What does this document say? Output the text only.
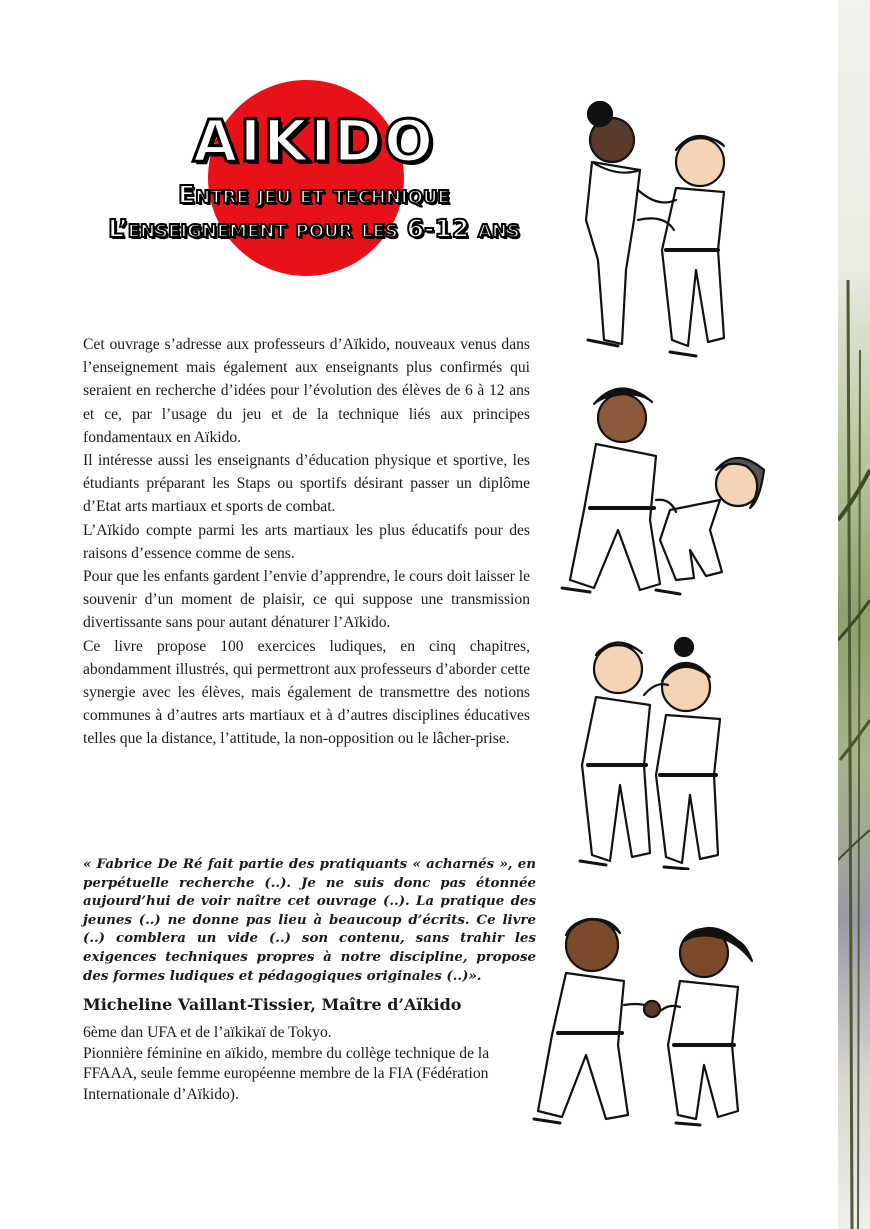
AIKIDO
Entre jeu et technique
L’enseignement pour les 6-12 ans

Cet ouvrage s’adresse aux professeurs d’Aïkido, nouveaux venus dans l’enseignement mais également aux enseignants plus confirmés qui seraient en recherche d’idées pour l’évolution des élèves de 6 à 12 ans et ce, par l’usage du jeu et de la technique liés aux principes fondamentaux en Aïkido.

Il intéresse aussi les enseignants d’éducation physique et sportive, les étudiants préparant les Staps ou sportifs désirant passer un diplôme d’Etat arts martiaux et sports de combat.

L’Aïkido compte parmi les arts martiaux les plus éducatifs pour des raisons d’essence comme de sens.

Pour que les enfants gardent l’envie d’apprendre, le cours doit laisser le souvenir d’un moment de plaisir, ce qui suppose une transmission divertissante sans pour autant dénaturer l’Aïkido.

Ce livre propose 100 exercices ludiques, en cinq chapitres, abondamment illustrés, qui permettront aux professeurs d’aborder cette synergie avec les élèves, mais également de transmettre des notions communes à d’autres arts martiaux et à d’autres disciplines éducatives telles que la distance, l’attitude, la non-opposition ou le lâcher-prise.

« Fabrice De Ré fait partie des pratiquants « acharnés », en perpétuelle recherche (..). Je ne suis donc pas étonnée aujourd’hui de voir naître cet ouvrage (..). La pratique des jeunes (..) ne donne pas lieu à beaucoup d’écrits. Ce livre (..) comblera un vide (..) son contenu, sans trahir les exigences techniques propres à notre discipline, propose des formes ludiques et pédagogiques originales (..)».
Micheline Vaillant-Tissier, Maître d’Aïkido

6ème dan UFA et de l’aïkikaï de Tokyo.

Pionnière féminine en aïkido, membre du collège technique de la FFAAA, seule femme européenne membre de la FIA (Fédération Internationale d’Aïkido).
